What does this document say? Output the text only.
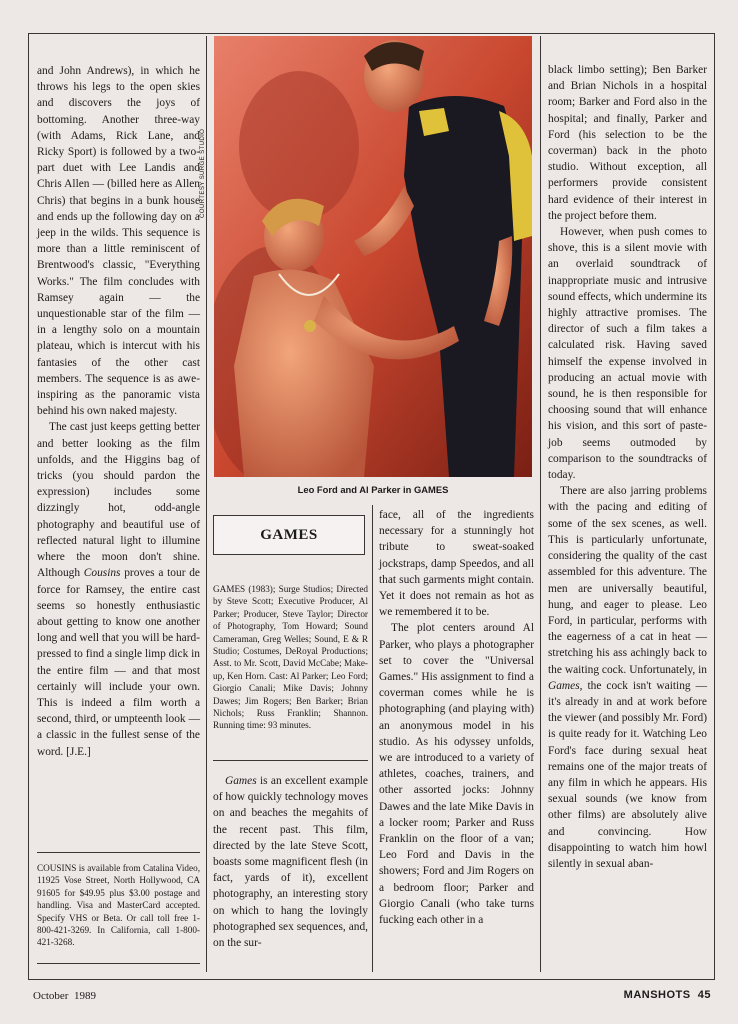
and John Andrews), in which he throws his legs to the open skies and discovers the joys of bottoming. Another three-way (with Adams, Rick Lane, and Ricky Sport) is followed by a two-part duet with Lee Landis and Chris Allen — (billed here as Allen Chris) that begins in a bunk house and ends up the following day on a jeep in the wilds. This sequence is more than a little reminiscent of Brentwood's classic, "Everything Works." The film concludes with Ramsey again — the unquestionable star of the film — in a lengthy solo on a mountain plateau, which is intercut with his fantasies of the other cast members. The sequence is as awe-inspiring as the panoramic vista behind his own naked majesty.

The cast just keeps getting better and better looking as the film unfolds, and the Higgins bag of tricks (you should pardon the expression) includes some dizzingly hot, odd-angle photography and beautiful use of reflected natural light to illumine where the moon don't shine. Although Cousins proves a tour de force for Ramsey, the entire cast seems so honestly enthusiastic about getting to know one another long and well that you will be hard-pressed to find a single limp dick in the entire film — and that most certainly will include your own. This is indeed a film worth a second, third, or umpteenth look — a classic in the fullest sense of the word. [J.E.]

COUSINS is available from Catalina Video, 11925 Vose Street, North Hollywood, CA 91605 for $49.95 plus $3.00 postage and handling. Visa and MasterCard accepted. Specify VHS or Beta. Or call toll free 1-800-421-3269. In California, call 1-800-421-3268.
COURTESY SURGE STUDIO
Leo Ford and Al Parker in GAMES
GAMES
GAMES (1983); Surge Studios; Directed by Steve Scott; Executive Producer, Al Parker; Producer, Steve Taylor; Director of Photography, Tom Howard; Sound Cameraman, Greg Welles; Sound, E & R Studio; Costumes, DeRoyal Productions; Asst. to Mr. Scott, David McCabe; Make-up, Ken Horn. Cast: Al Parker; Leo Ford; Giorgio Canali; Mike Davis; Johnny Dawes; Jim Rogers; Ben Barker; Brian Nichols; Russ Franklin; Shannon. Running time: 93 minutes.

Games is an excellent example of how quickly technology moves on and beaches the megahits of the recent past. This film, directed by the late Steve Scott, boasts some magnificent flesh (in fact, yards of it), excellent photography, an interesting story on which to hang the lovingly photographed sex sequences, and, on the sur-

face, all of the ingredients necessary for a stunningly hot tribute to sweat-soaked jockstraps, damp Speedos, and all that such garments might contain. Yet it does not remain as hot as we remembered it to be.

The plot centers around Al Parker, who plays a photographer set to cover the "Universal Games." His assignment to find a coverman comes while he is photographing (and playing with) an anonymous model in his studio. As his odyssey unfolds, we are introduced to a variety of athletes, coaches, trainers, and other assorted jocks: Johnny Dawes and the late Mike Davis in a locker room; Parker and Russ Franklin on the floor of a van; Leo Ford and Davis in the showers; Ford and Jim Rogers on a bedroom floor; Parker and Giorgio Canali (who take turns fucking each other in a

black limbo setting); Ben Barker and Brian Nichols in a hospital room; Barker and Ford also in the hospital; and finally, Parker and Ford (his selection to be the coverman) back in the photo studio. Without exception, all performers provide consistent hard evidence of their interest in the project before them.

However, when push comes to shove, this is a silent movie with an overlaid soundtrack of inappropriate music and intrusive sound effects, which undermine its highly attractive promises. The director of such a film takes a calculated risk. Having saved himself the expense involved in producing an actual movie with sound, he is then responsible for choosing sound that will enhance his vision, and this sort of paste-job seems outmoded by comparison to the soundtracks of today.

There are also jarring problems with the pacing and editing of some of the sex scenes, as well. This is particularly unfortunate, considering the quality of the cast assembled for this adventure. The men are universally beautiful, hung, and eager to please. Leo Ford, in particular, performs with the eagerness of a cat in heat — stretching his ass achingly back to the waiting cock. Unfortunately, in Games, the cock isn't waiting — it's already in and at work before the viewer (and possibly Mr. Ford) is quite ready for it. Watching Leo Ford's face during sexual heat remains one of the major treats of any film in which he appears. His sexual sounds (we know from other films) are absolutely alive and convincing. How disappointing to watch him howl silently in sexual aban-

October 1989	MANSHOTS 45
